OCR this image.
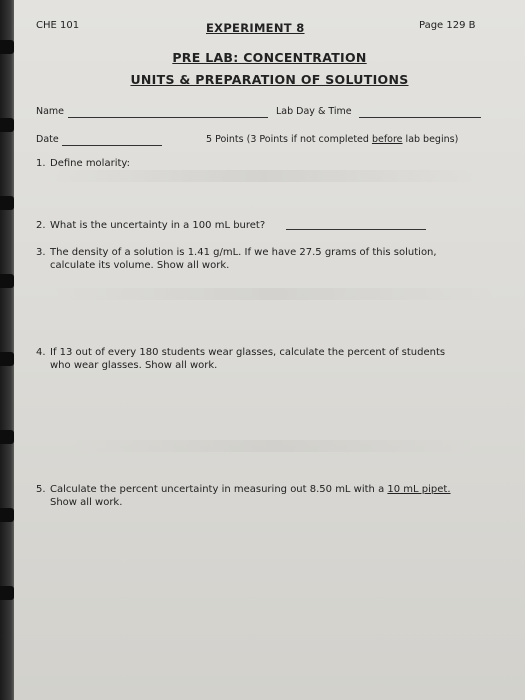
CHE 101	EXPERIMENT 8	Page 129 B
PRE LAB: CONCENTRATION
UNITS & PREPARATION OF SOLUTIONS
Name	Lab Day & Time
Date	5 Points (3 Points if not completed before lab begins)
1. Define molarity:
2. What is the uncertainty in a 100 mL buret?
3. The density of a solution is 1.41 g/mL. If we have 27.5 grams of this solution,
calculate its volume. Show all work.
4. If 13 out of every 180 students wear glasses, calculate the percent of students
who wear glasses. Show all work.
5. Calculate the percent uncertainty in measuring out 8.50 mL with a 10 mL pipet.
Show all work.
